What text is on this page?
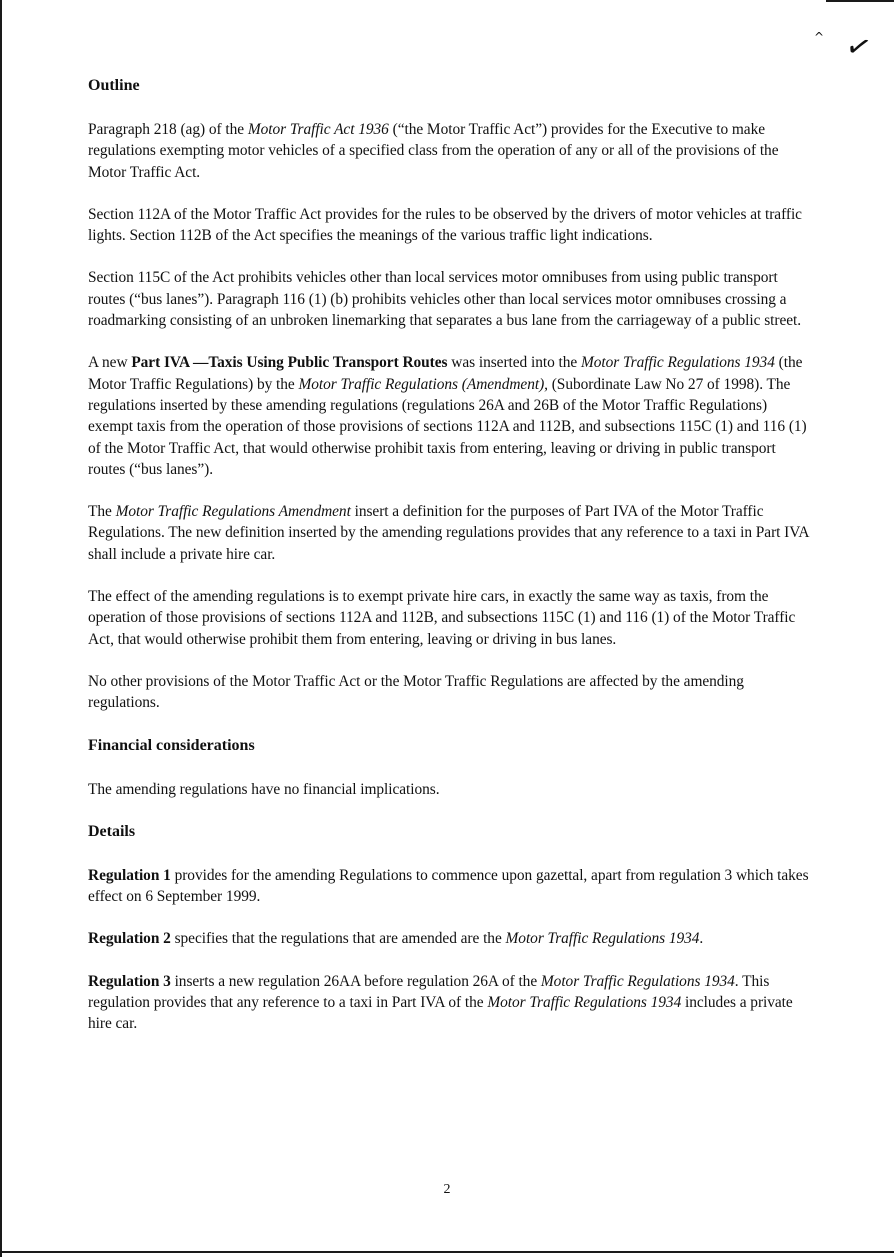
^ ✓

Outline

Paragraph 218 (ag) of the Motor Traffic Act 1936 (“the Motor Traffic Act”) provides for the Executive to make regulations exempting motor vehicles of a specified class from the operation of any or all of the provisions of the Motor Traffic Act.

Section 112A of the Motor Traffic Act provides for the rules to be observed by the drivers of motor vehicles at traffic lights. Section 112B of the Act specifies the meanings of the various traffic light indications.

Section 115C of the Act prohibits vehicles other than local services motor omnibuses from using public transport routes (“bus lanes”). Paragraph 116 (1) (b) prohibits vehicles other than local services motor omnibuses crossing a roadmarking consisting of an unbroken linemarking that separates a bus lane from the carriageway of a public street.

A new Part IVA —Taxis Using Public Transport Routes was inserted into the Motor Traffic Regulations 1934 (the Motor Traffic Regulations) by the Motor Traffic Regulations (Amendment), (Subordinate Law No 27 of 1998). The regulations inserted by these amending regulations (regulations 26A and 26B of the Motor Traffic Regulations) exempt taxis from the operation of those provisions of sections 112A and 112B, and subsections 115C (1) and 116 (1) of the Motor Traffic Act, that would otherwise prohibit taxis from entering, leaving or driving in public transport routes (“bus lanes”).

The Motor Traffic Regulations Amendment insert a definition for the purposes of Part IVA of the Motor Traffic Regulations. The new definition inserted by the amending regulations provides that any reference to a taxi in Part IVA shall include a private hire car.

The effect of the amending regulations is to exempt private hire cars, in exactly the same way as taxis, from the operation of those provisions of sections 112A and 112B, and subsections 115C (1) and 116 (1) of the Motor Traffic Act, that would otherwise prohibit them from entering, leaving or driving in bus lanes.

No other provisions of the Motor Traffic Act or the Motor Traffic Regulations are affected by the amending regulations.

Financial considerations

The amending regulations have no financial implications.

Details

Regulation 1 provides for the amending Regulations to commence upon gazettal, apart from regulation 3 which takes effect on 6 September 1999.

Regulation 2 specifies that the regulations that are amended are the Motor Traffic Regulations 1934.

Regulation 3 inserts a new regulation 26AA before regulation 26A of the Motor Traffic Regulations 1934. This regulation provides that any reference to a taxi in Part IVA of the Motor Traffic Regulations 1934 includes a private hire car.

2
